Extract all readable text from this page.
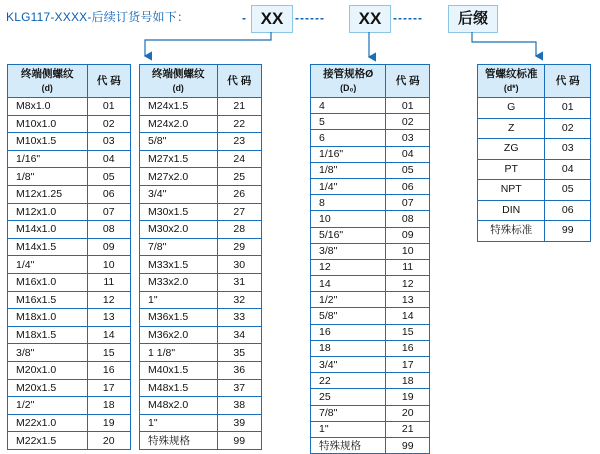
KLG117-XXXX-后续订货号如下：	- XX ------	XX ------	后缀
终端侧螺纹
(d)	代 码
M8x1.0	01
M10x1.0	02
M10x1.5	03
1/16"	04
1/8"	05
M12x1.25	06
M12x1.0	07
M14x1.0	08
M14x1.5	09
1/4"	10
M16x1.0	11
M16x1.5	12
M18x1.0	13
M18x1.5	14
3/8"	15
M20x1.0	16
M20x1.5	17
1/2"	18
M22x1.0	19
M22x1.5	20
终端侧螺纹
(d)	代 码
M24x1.5	21
M24x2.0	22
5/8"	23
M27x1.5	24
M27x2.0	25
3/4"	26
M30x1.5	27
M30x2.0	28
7/8"	29
M33x1.5	30
M33x2.0	31
1"	32
M36x1.5	33
M36x2.0	34
1 1/8"	35
M40x1.5	36
M48x1.5	37
M48x2.0	38
1"	39
特殊规格	99
接管规格Ø
(D₀)	代 码
4	01
5	02
6	03
1/16"	04
1/8"	05
1/4"	06
8	07
10	08
5/16"	09
3/8"	10
12	11
14	12
1/2"	13
5/8"	14
16	15
18	16
3/4"	17
22	18
25	19
7/8"	20
1"	21
特殊规格	99
管螺纹标准
(d*)	代 码
G	01
Z	02
ZG	03
PT	04
NPT	05
DIN	06
特殊标准	99
